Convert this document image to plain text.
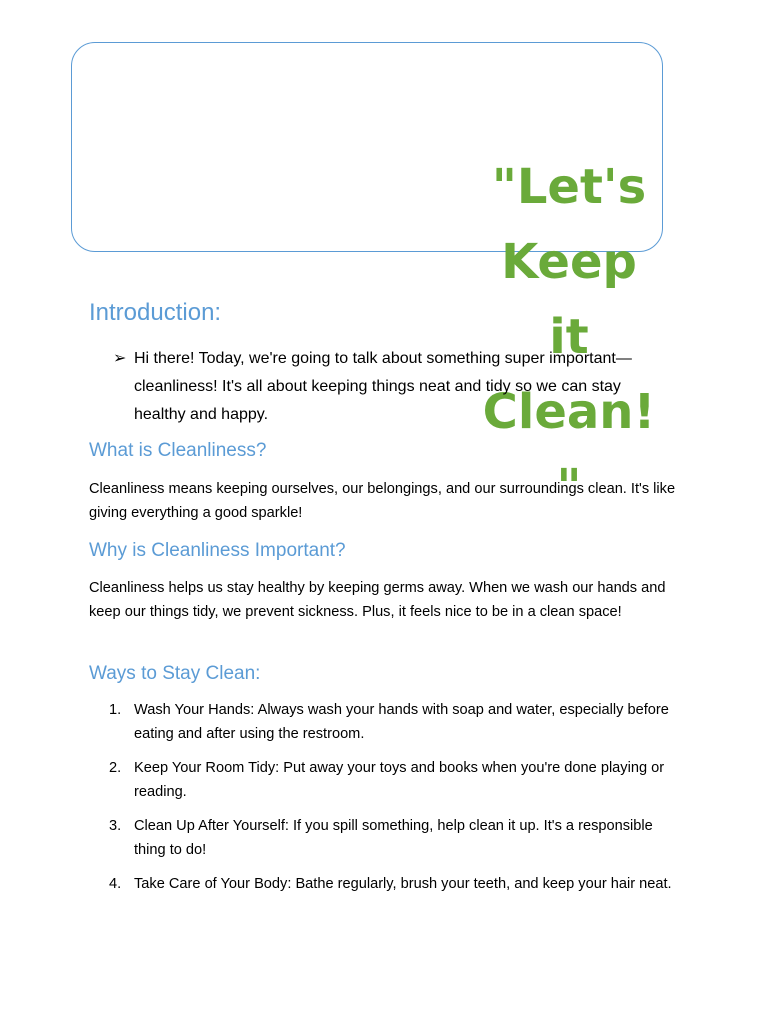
"Let's Keep it Clean! "
Introduction:
➢ Hi there! Today, we're going to talk about something super important—cleanliness! It's all about keeping things neat and tidy so we can stay healthy and happy.

What is Cleanliness?

Cleanliness means keeping ourselves, our belongings, and our surroundings clean. It's like giving everything a good sparkle!

Why is Cleanliness Important?

Cleanliness helps us stay healthy by keeping germs away. When we wash our hands and keep our things tidy, we prevent sickness. Plus, it feels nice to be in a clean space!

Ways to Stay Clean:
1. Wash Your Hands: Always wash your hands with soap and water, especially before eating and after using the restroom.
2. Keep Your Room Tidy: Put away your toys and books when you're done playing or reading.
3. Clean Up After Yourself: If you spill something, help clean it up. It's a responsible thing to do!
4. Take Care of Your Body: Bathe regularly, brush your teeth, and keep your hair neat.
